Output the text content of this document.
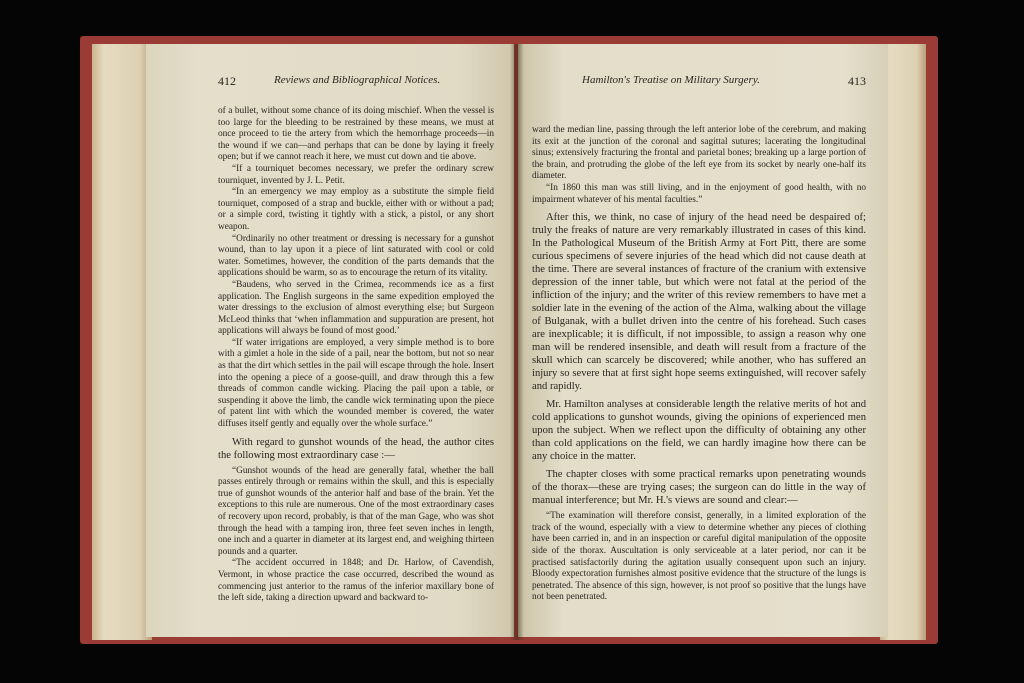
412	Reviews and Bibliographical Notices.

of a bullet, without some chance of its doing mischief. When the vessel is too large for the bleeding to be restrained by these means, we must at once proceed to tie the artery from which the hemorrhage proceeds—in the wound if we can—and perhaps that can be done by laying it freely open; but if we cannot reach it here, we must cut down and tie above.

“If a tourniquet becomes necessary, we prefer the ordinary screw tourniquet, invented by J. L. Petit.

“In an emergency we may employ as a substitute the simple field tourniquet, composed of a strap and buckle, either with or without a pad; or a simple cord, twisting it tightly with a stick, a pistol, or any short weapon.

“Ordinarily no other treatment or dressing is necessary for a gunshot wound, than to lay upon it a piece of lint saturated with cool or cold water. Sometimes, however, the condition of the parts demands that the applications should be warm, so as to encourage the return of its vitality.

“Baudens, who served in the Crimea, recommends ice as a first application. The English surgeons in the same expedition employed the water dressings to the exclusion of almost everything else; but Surgeon McLeod thinks that ‘when inflammation and suppuration are present, hot applications will always be found of most good.’

“If water irrigations are employed, a very simple method is to bore with a gimlet a hole in the side of a pail, near the bottom, but not so near as that the dirt which settles in the pail will escape through the hole. Insert into the opening a piece of a goose-quill, and draw through this a few threads of common candle wicking. Placing the pail upon a table, or suspending it above the limb, the candle wick terminating upon the piece of patent lint with which the wounded member is covered, the water diffuses itself gently and equally over the whole surface.”

With regard to gunshot wounds of the head, the author cites the following most extraordinary case :—

“Gunshot wounds of the head are generally fatal, whether the ball passes entirely through or remains within the skull, and this is especially true of gunshot wounds of the anterior half and base of the brain. Yet the exceptions to this rule are numerous. One of the most extraordinary cases of recovery upon record, probably, is that of the man Gage, who was shot through the head with a tamping iron, three feet seven inches in length, one inch and a quarter in diameter at its largest end, and weighing thirteen pounds and a quarter.

“The accident occurred in 1848; and Dr. Harlow, of Cavendish, Vermont, in whose practice the case occurred, described the wound as commencing just anterior to the ramus of the inferior maxillary bone of the left side, taking a direction upward and backward to-

Hamilton's Treatise on Military Surgery.	413

ward the median line, passing through the left anterior lobe of the cerebrum, and making its exit at the junction of the coronal and sagittal sutures; lacerating the longitudinal sinus; extensively fracturing the frontal and parietal bones; breaking up a large portion of the brain, and protruding the globe of the left eye from its socket by nearly one-half its diameter.

“In 1860 this man was still living, and in the enjoyment of good health, with no impairment whatever of his mental faculties.”

After this, we think, no case of injury of the head need be despaired of; truly the freaks of nature are very remarkably illustrated in cases of this kind. In the Pathological Museum of the British Army at Fort Pitt, there are some curious specimens of severe injuries of the head which did not cause death at the time. There are several instances of fracture of the cranium with extensive depression of the inner table, but which were not fatal at the period of the infliction of the injury; and the writer of this review remembers to have met a soldier late in the evening of the action of the Alma, walking about the village of Bulganak, with a bullet driven into the centre of his forehead. Such cases are inexplicable; it is difficult, if not impossible, to assign a reason why one man will be rendered insensible, and death will result from a fracture of the skull which can scarcely be discovered; while another, who has suffered an injury so severe that at first sight hope seems extinguished, will recover safely and rapidly.

Mr. Hamilton analyses at considerable length the relative merits of hot and cold applications to gunshot wounds, giving the opinions of experienced men upon the subject. When we reflect upon the difficulty of obtaining any other than cold applications on the field, we can hardly imagine how there can be any choice in the matter.

The chapter closes with some practical remarks upon penetrating wounds of the thorax—these are trying cases; the surgeon can do little in the way of manual interference; but Mr. H.'s views are sound and clear:—

“The examination will therefore consist, generally, in a limited exploration of the track of the wound, especially with a view to determine whether any pieces of clothing have been carried in, and in an inspection or careful digital manipulation of the opposite side of the thorax. Auscultation is only serviceable at a later period, nor can it be practised satisfactorily during the agitation usually consequent upon such an injury. Bloody expectoration furnishes almost positive evidence that the structure of the lungs is penetrated. The absence of this sign, however, is not proof so positive that the lungs have not been penetrated.
